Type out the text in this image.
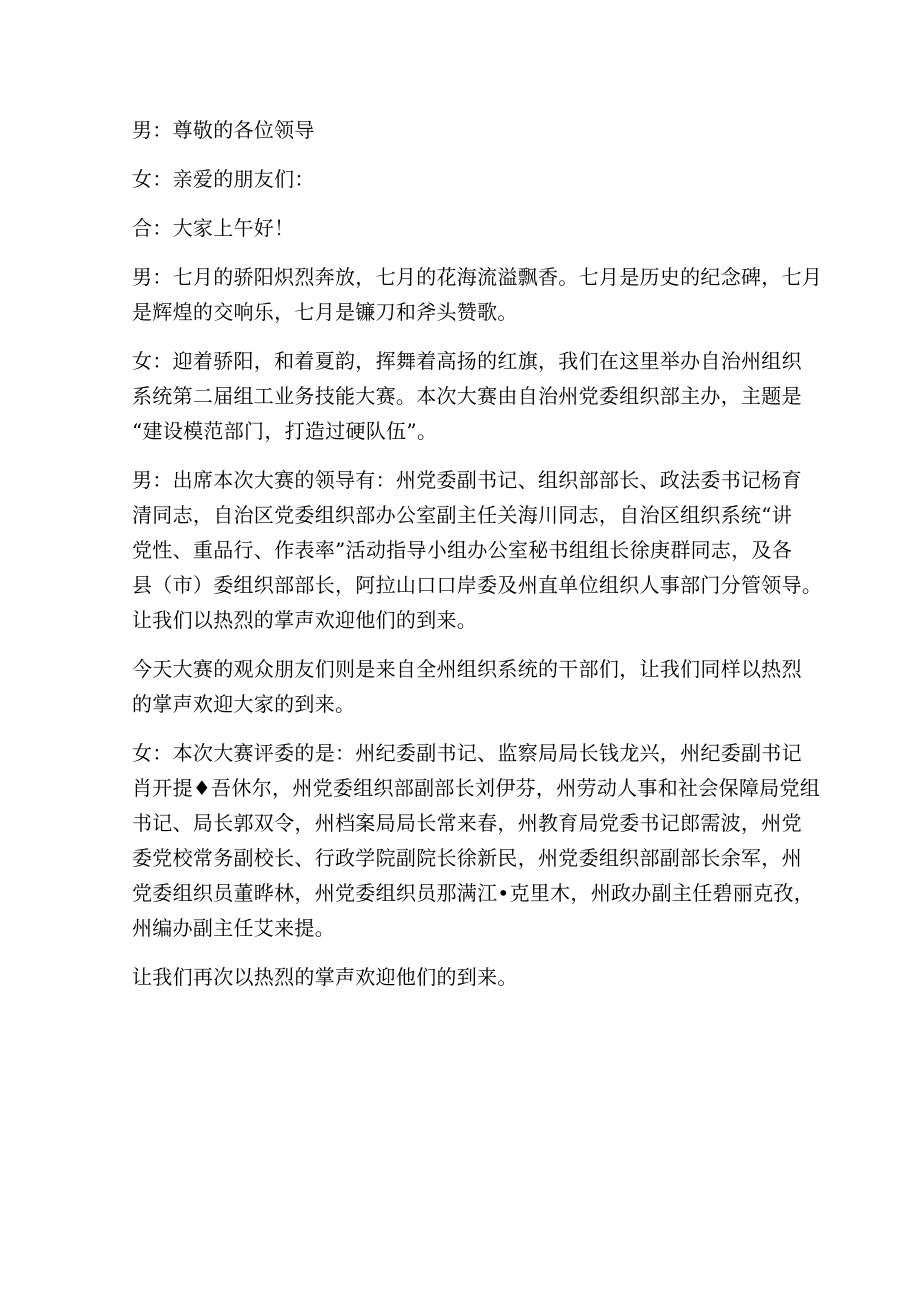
男：尊敬的各位领导

女：亲爱的朋友们：

合：大家上午好！

男：七月的骄阳炽烈奔放，七月的花海流溢飘香。七月是历史的纪念碑，七月
是辉煌的交响乐，七月是镰刀和斧头赞歌。

女：迎着骄阳，和着夏韵，挥舞着高扬的红旗，我们在这里举办自治州组织
系统第二届组工业务技能大赛。本次大赛由自治州党委组织部主办，主题是
“建设模范部门，打造过硬队伍”。

男：出席本次大赛的领导有：州党委副书记、组织部部长、政法委书记杨育
清同志，自治区党委组织部办公室副主任关海川同志，自治区组织系统“讲
党性、重品行、作表率”活动指导小组办公室秘书组组长徐庚群同志，及各
县（市）委组织部部长，阿拉山口口岸委及州直单位组织人事部门分管领导。
让我们以热烈的掌声欢迎他们的到来。

今天大赛的观众朋友们则是来自全州组织系统的干部们，让我们同样以热烈
的掌声欢迎大家的到来。

女：本次大赛评委的是：州纪委副书记、监察局局长钱龙兴，州纪委副书记
肖开提♦吾休尔，州党委组织部副部长刘伊芬，州劳动人事和社会保障局党组
书记、局长郭双令，州档案局局长常来春，州教育局党委书记郎需波，州党
委党校常务副校长、行政学院副院长徐新民，州党委组织部副部长余军，州
党委组织员董晔林，州党委组织员那满江•克里木，州政办副主任碧丽克孜，
州编办副主任艾来提。

让我们再次以热烈的掌声欢迎他们的到来。
